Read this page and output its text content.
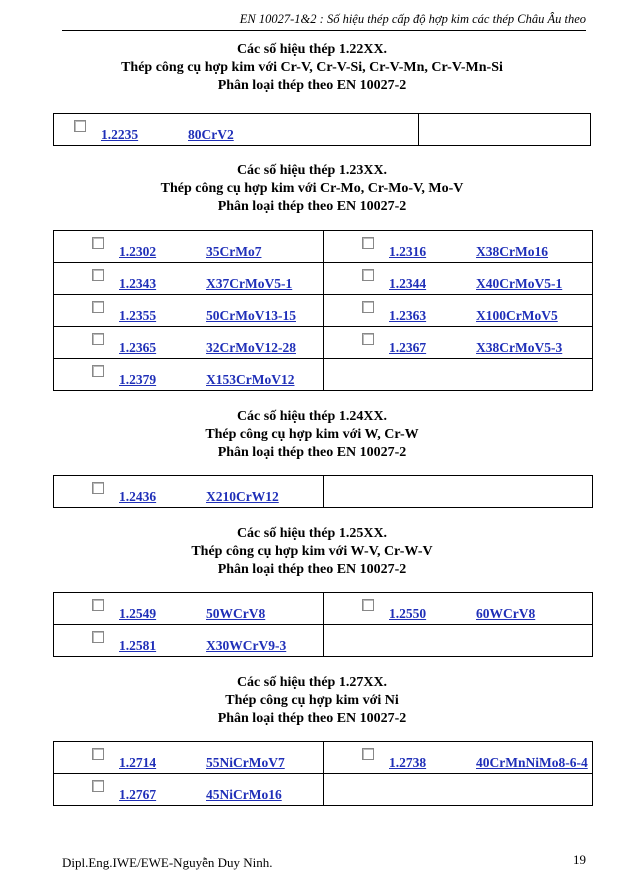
EN 10027-1&2 : Số hiệu thép cấp độ hợp kim các thép Châu Âu theo
Các số hiệu thép 1.22XX.
Thép công cụ hợp kim với Cr-V, Cr-V-Si, Cr-V-Mn, Cr-V-Mn-Si
Phân loại thép theo EN 10027-2
1.2235	80CrV2

Các số hiệu thép 1.23XX.
Thép công cụ hợp kim với Cr-Mo, Cr-Mo-V, Mo-V
Phân loại thép theo EN 10027-2
1.2302 35CrMo7	1.2316 X38CrMo16

1.2343 X37CrMoV5-1	1.2344 X40CrMoV5-1

1.2355 50CrMoV13-15	1.2363 X100CrMoV5

1.2365 32CrMoV12-28	1.2367 X38CrMoV5-3

1.2379 X153CrMoV12	

Các số hiệu thép 1.24XX.
Thép công cụ hợp kim với W, Cr-W
Phân loại thép theo EN 10027-2
1.2436	X210CrW12

Các số hiệu thép 1.25XX.
Thép công cụ hợp kim với W-V, Cr-W-V
Phân loại thép theo EN 10027-2
1.2549 50WCrV8	1.2550 60WCrV8

1.2581 X30WCrV9-3	

Các số hiệu thép 1.27XX.
Thép công cụ hợp kim với Ni
Phân loại thép theo EN 10027-2
1.2714 55NiCrMoV7	1.2738 40CrMnNiMo8-6-4

1.2767 45NiCrMo16	

Dipl.Eng.IWE/EWE-Nguyễn Duy Ninh.	19
